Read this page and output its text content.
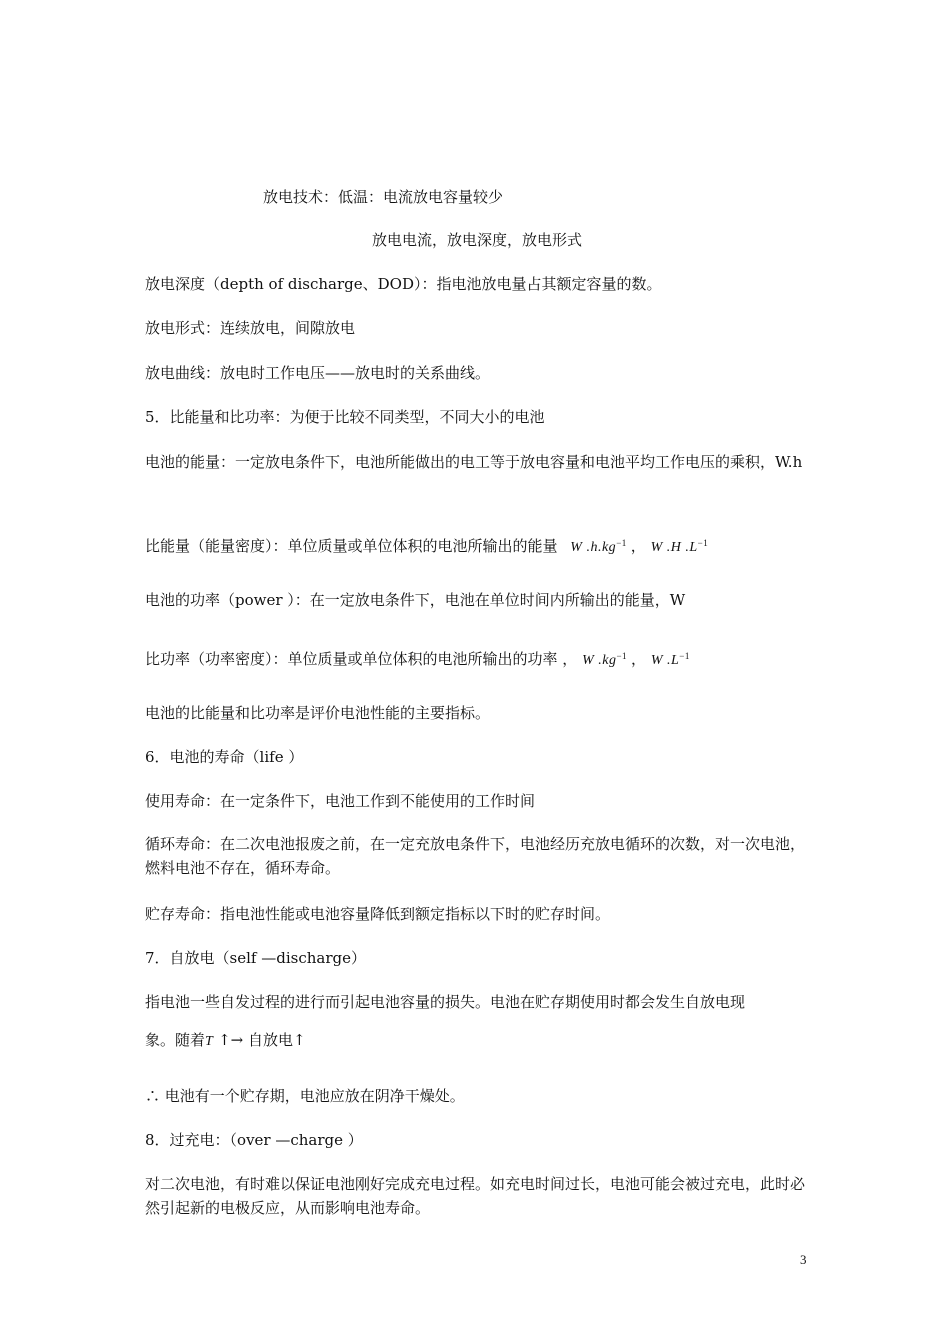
放电技术：低温：电流放电容量较少
放电电流，放电深度，放电形式
放电深度（depth of discharge、DOD）：指电池放电量占其额定容量的数。
放电形式：连续放电，间隙放电
放电曲线：放电时工作电压——放电时的关系曲线。
5．比能量和比功率：为便于比较不同类型，不同大小的电池
电池的能量：一定放电条件下，电池所能做出的电工等于放电容量和电池平均工作电压的乘积，W.h
比能量（能量密度）：单位质量或单位体积的电池所输出的能量 W $.h.kg^{-1}$ ， W .H $.L^{-1}$
电池的功率（power ）：在一定放电条件下，电池在单位时间内所输出的能量，W
比功率（功率密度）：单位质量或单位体积的电池所输出的功率 ， W $.kg^{-1}$ ， W $.L^{-1}$
电池的比能量和比功率是评价电池性能的主要指标。
6．电池的寿命（life ）
使用寿命：在一定条件下，电池工作到不能使用的工作时间
循环寿命：在二次电池报废之前，在一定充放电条件下，电池经历充放电循环的次数，对一次电池，燃料电池不存在，循环寿命。
贮存寿命：指电池性能或电池容量降低到额定指标以下时的贮存时间。
7．自放电（self —discharge）
指电池一些自发过程的进行而引起电池容量的损失。电池在贮存期使用时都会发生自放电现
象。随着T ↑→ 自放电↑
∴ 电池有一个贮存期，电池应放在阴净干燥处。
8．过充电：（over —charge ）
对二次电池，有时难以保证电池刚好完成充电过程。如充电时间过长，电池可能会被过充电，此时必然引起新的电极反应，从而影响电池寿命。
3
